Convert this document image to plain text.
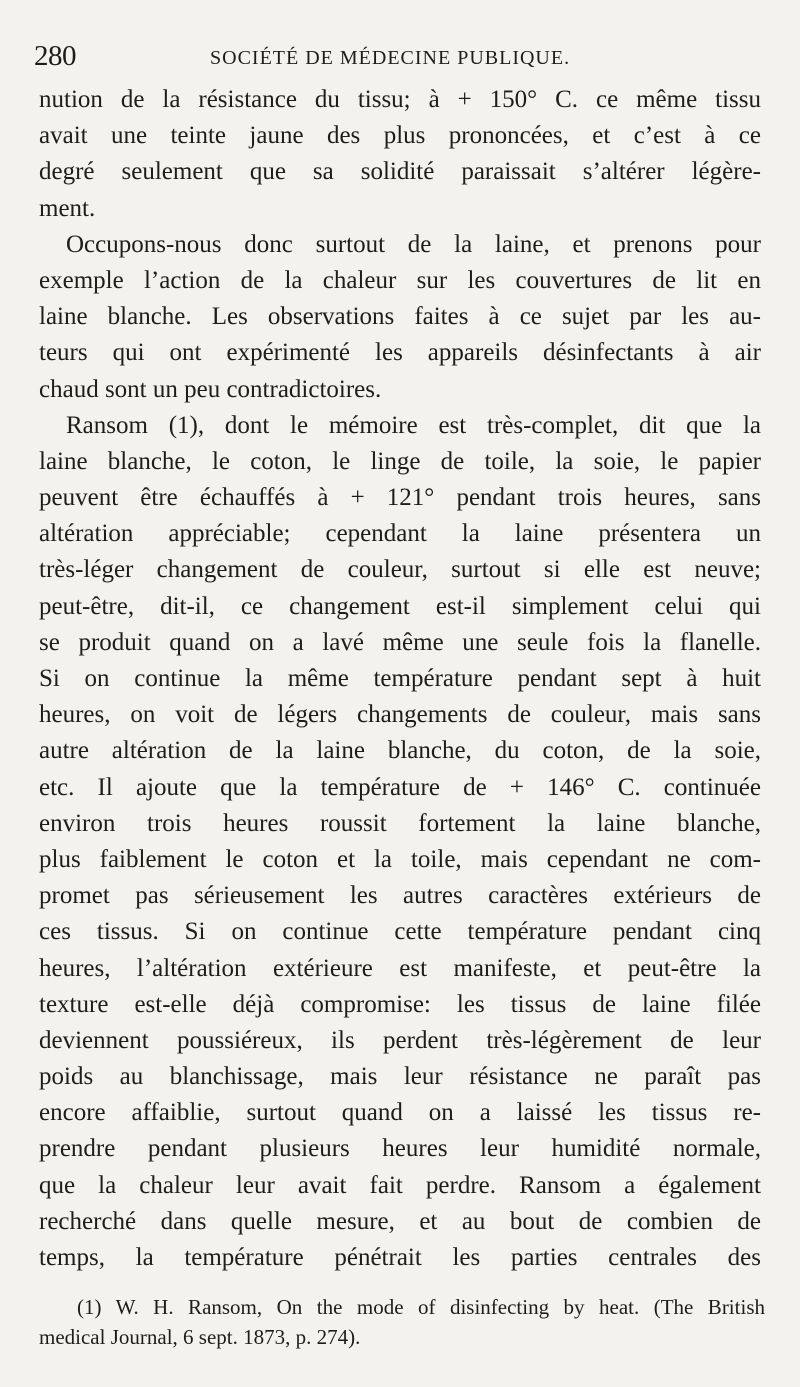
280	SOCIÉTÉ DE MÉDECINE PUBLIQUE.
nution de la résistance du tissu; à + 150° C. ce même tissu
avait une teinte jaune des plus prononcées, et c’est à ce
degré seulement que sa solidité paraissait s’altérer légère-
ment.
Occupons-nous donc surtout de la laine, et prenons pour
exemple l’action de la chaleur sur les couvertures de lit en
laine blanche. Les observations faites à ce sujet par les au-
teurs qui ont expérimenté les appareils désinfectants à air
chaud sont un peu contradictoires.
Ransom (1), dont le mémoire est très-complet, dit que la
laine blanche, le coton, le linge de toile, la soie, le papier
peuvent être échauffés à + 121° pendant trois heures, sans
altération appréciable; cependant la laine présentera un
très-léger changement de couleur, surtout si elle est neuve;
peut-être, dit-il, ce changement est-il simplement celui qui
se produit quand on a lavé même une seule fois la flanelle.
Si on continue la même température pendant sept à huit
heures, on voit de légers changements de couleur, mais sans
autre altération de la laine blanche, du coton, de la soie,
etc. Il ajoute que la température de + 146° C. continuée
environ trois heures roussit fortement la laine blanche,
plus faiblement le coton et la toile, mais cependant ne com-
promet pas sérieusement les autres caractères extérieurs de
ces tissus. Si on continue cette température pendant cinq
heures, l’altération extérieure est manifeste, et peut-être la
texture est-elle déjà compromise: les tissus de laine filée
deviennent poussiéreux, ils perdent très-légèrement de leur
poids au blanchissage, mais leur résistance ne paraît pas
encore affaiblie, surtout quand on a laissé les tissus re-
prendre pendant plusieurs heures leur humidité normale,
que la chaleur leur avait fait perdre. Ransom a également
recherché dans quelle mesure, et au bout de combien de
temps, la température pénétrait les parties centrales des
(1) W. H. Ransom, On the mode of disinfecting by heat. (The British
medical Journal, 6 sept. 1873, p. 274).
